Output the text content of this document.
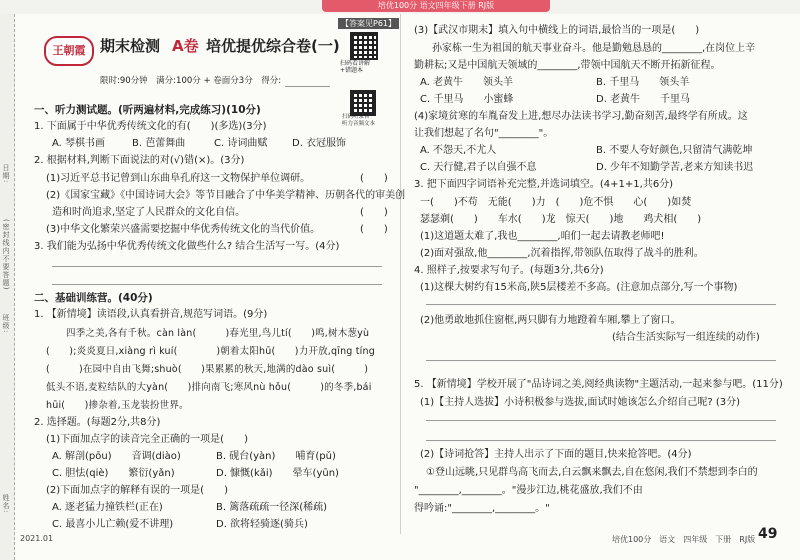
培优100分 语文四年级下册 RJ版
【答案见P61】
日期:
(密封线内不要答题)
班级:
姓名:
王朝霞 期末检测 A卷 培优提优综合卷(一)
扫码看讲解
+错题本
限时:90分钟　满分:100分 + 卷面分3分　得分:
扫码听录音
听力音频文本
一、听力测试题。(听两遍材料,完成练习)(10分)
1. 下面属于中华优秀传统文化的有(　　)(多选)(3分)
A. 琴棋书画	B. 芭蕾舞曲	C. 诗词曲赋 D. 衣冠服饰
2. 根据材料,判断下面说法的对(√)错(×)。(3分)
(1)习近平总书记曾到山东曲阜孔府这一文物保护单位调研。	(　　)
(2)《国家宝藏》《中国诗词大会》等节目融合了中华美学精神、历朝各代的审美创
造和时尚追求,坚定了人民群众的文化自信。	(　　)
(3)中华文化繁荣兴盛需要挖掘中华优秀传统文化的当代价值。	(　　)
3. 我们能为弘扬中华优秀传统文化做些什么? 结合生活写一写。(4分)
二、基础训练营。(40分)
1. 【新情境】读语段,认真看拼音,规范写词语。(9分)
四季之美,各有千秋。càn làn(　　　)春光里,鸟儿tí(　　)鸣,树木葱yù
(　　);炎炎夏日,xiàng rì kuí(　　　　)朝着太阳hū(　　)力开放,qīng tíng
(　　　)在园中自由飞舞;shuò(　　)果累累的秋天,地满的dào suì(　　　)
低头不语,麦粒结队的大yàn(　　)排向南飞;寒风nù hǒu(　　　)的冬季,bái
hūi(　　)掺杂着,玉龙装扮世界。
2. 选择题。(每题2分,共8分)
(1)下面加点字的读音完全正确的一项是(　　)
A. 解剖(pōu)　　音调(diào)	B. 砚台(yàn)　　哺育(pǔ)
C. 胆怯(qiè)　　繁衍(yǎn)	D. 慷慨(kǎi)　　晕车(yūn)
(2)下面加点字的解释有误的一项是(　　)
A. 逐老猛力撞铁栏(正在)	B. 篱落疏疏一径深(稀疏)
C. 最喜小儿亡赖(爱不讲理)	D. 欲将轻骑逐(骑兵)
(3)【武汉市期末】填入句中横线上的词语,最恰当的一项是(　　)
孙家栋一生为祖国的航天事业奋斗。他是勤勉恳恳的________,在岗位上辛
勤耕耘;又是中国航天领域的________,带领中国航天不断开拓新征程。
A. 老黄牛　　领头羊	B. 千里马　　领头羊
C. 千里马　　小蜜蜂	D. 老黄牛　　千里马
(4)家境贫寒的车胤奋发上进,想尽办法读书学习,勤奋刻苦,最终学有所成。这
让我们想起了名句"________"。
A. 不怨天,不尤人	B. 不要人夸好颜色,只留清气满乾坤
C. 天行健,君子以自强不息	D. 少年不知勤学苦,老来方知读书迟
3. 把下面四字词语补充完整,并选词填空。(4+1+1,共6分)
一(　　)不苟　无能(　　)力　(　　)危不惧　　心(　　)如焚
瑟瑟剃(　　)　　车水(　　)龙　惊天(　　)地　　鸡犬相(　　)
(1)这道题太难了,我也________,咱们一起去请教老师吧!
(2)面对强敌,他________,沉着指挥,带领队伍取得了战斗的胜利。
4. 照样子,按要求写句子。(每题3分,共6分)
(1)这棵大树约有15米高,陕5层楼差不多高。(注意加点部分,写一个事物)
(2)他勇敢地抓住窗框,两只脚有力地蹬着车厢,攀上了窗口。
(结合生活实际写一组连续的动作)
5. 【新情境】学校开展了"品诗词之美,阅经典读物"主题活动,一起来参与吧。(11分)
(1)【主持人选拔】小诗积极参与选拔,面试时她该怎么介绍自己呢? (3分)
(2)【诗词抢答】主持人出示了下面的题目,快来抢答吧。(4分)
①登山远眺,只见群鸟高飞而去,白云飘来飘去,自在悠闲,我们不禁想到李白的
"________,________。"漫步江边,桃花盛放,我们不由
得吟诵:"________,________。"
2021.01	培优100分　语文　四年级　下册　RJ版 49
